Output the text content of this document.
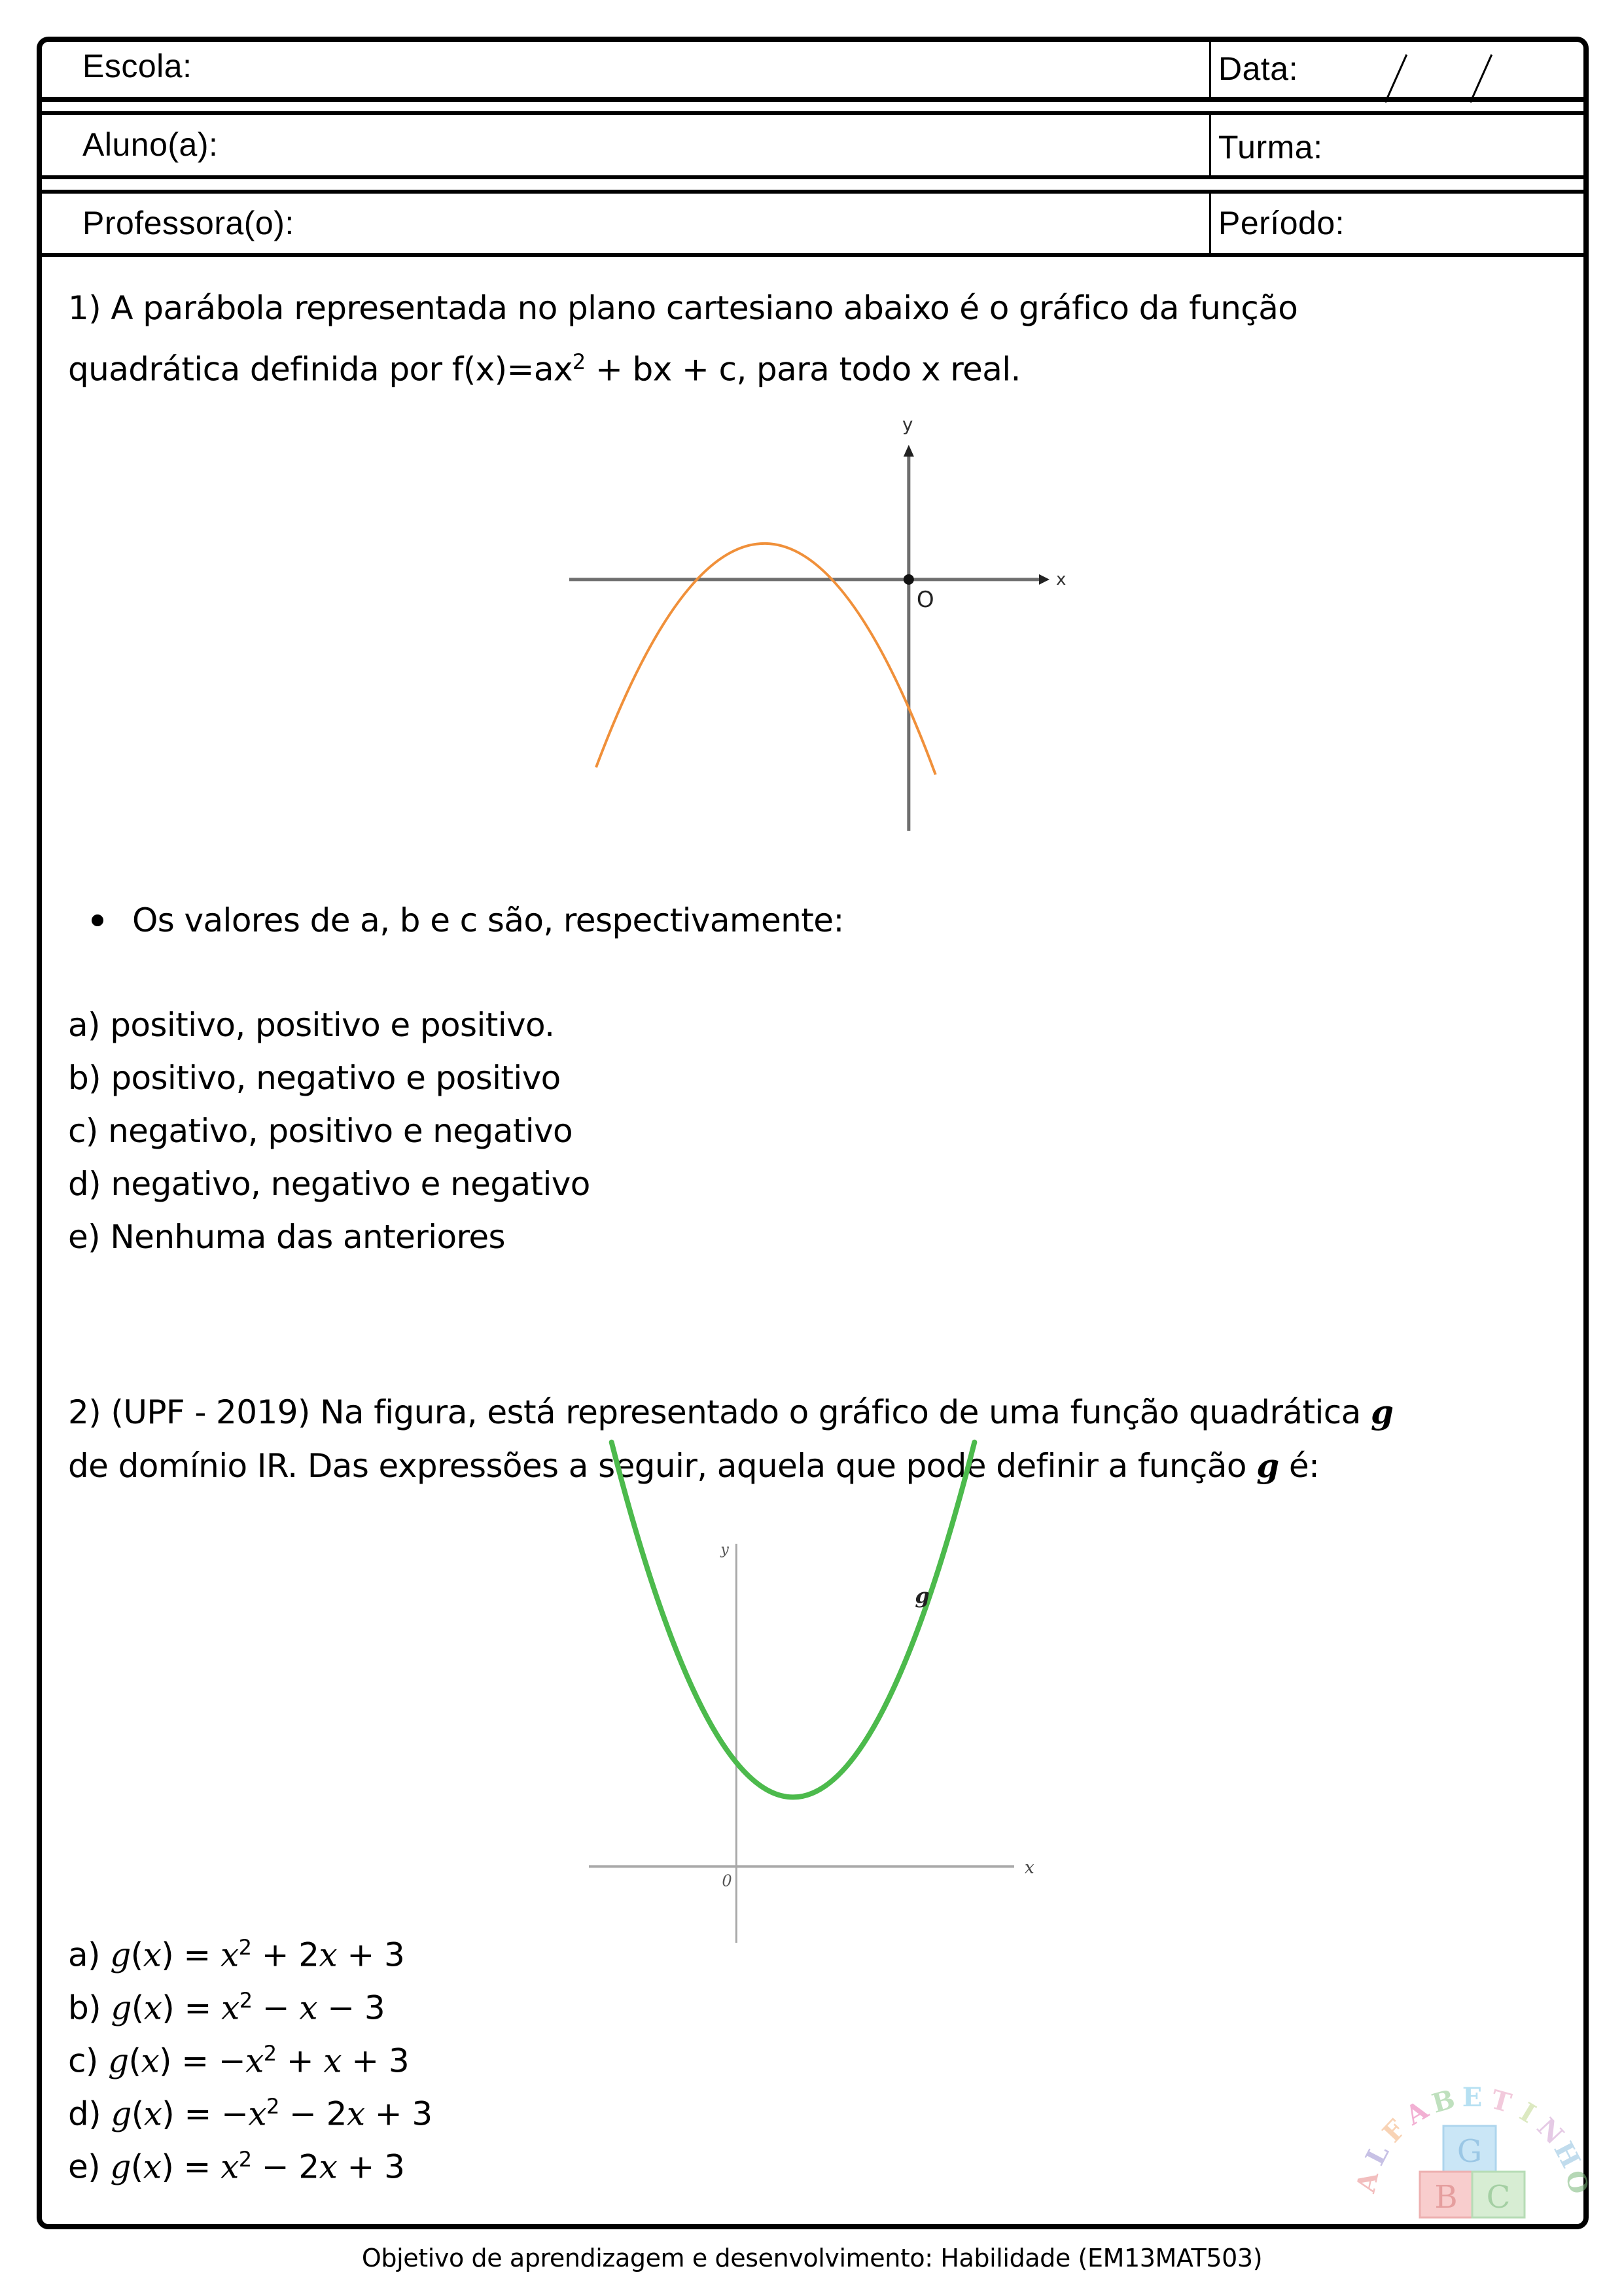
Escola:	Data:
Aluno(a):	Turma:
Professora(o):	Período:
1) A parábola representada no plano cartesiano abaixo é o gráfico da função
quadrática definida por $f(x)=ax^2$ + bx + c, para todo x real.
x
y
O
Os valores de a, b e c são, respectivamente:
a) positivo, positivo e positivo.
b) positivo, negativo e positivo
c) negativo, positivo e negativo
d) negativo, negativo e negativo
e) Nenhuma das anteriores
2) (UPF - 2019) Na figura, está representado o gráfico de uma função quadrática g
de domínio IR. Das expressões a seguir, aquela que pode definir a função g é:
x
y
0
g
a) $g(x) = x^2 + 2x + 3$
b) $g(x) = x^2 - x - 3$
c) $g(x) = -x^2 + x + 3$
d) $g(x) = -x^2 - 2x + 3$
e) $g(x) = x^2 - 2x + 3$	A
L
F
A
B E T I
N
H
O
G
B C
Objetivo de aprendizagem e desenvolvimento: Habilidade (EM13MAT503)
